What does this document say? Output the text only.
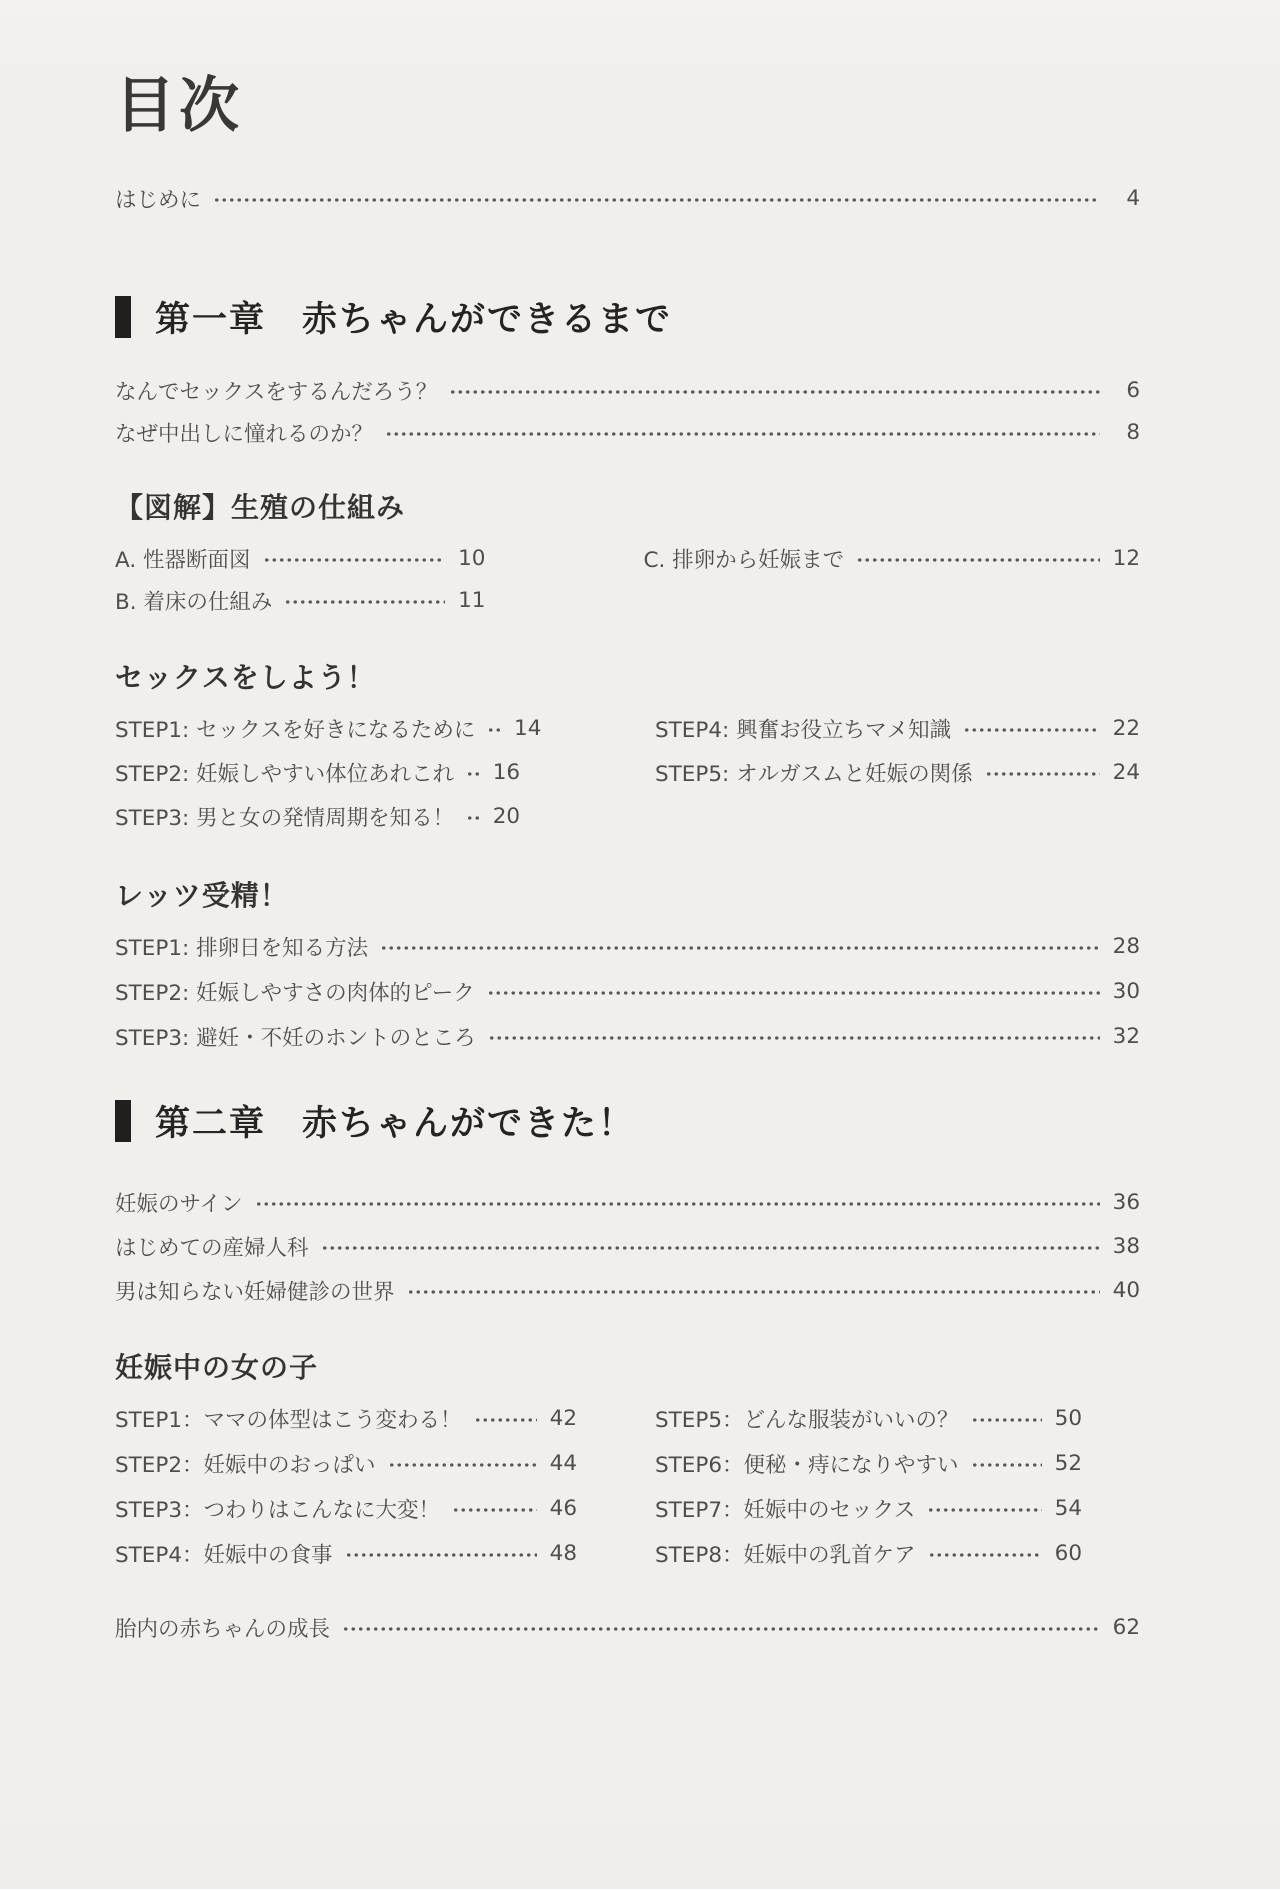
目次
はじめに	4
第一章 赤ちゃんができるまで
なんでセックスをするんだろう？	6
なぜ中出しに憧れるのか？	8
【図解】生殖の仕組み
A. 性器断面図	10
B. 着床の仕組み	11
C. 排卵から妊娠まで	12
セックスをしよう！
STEP1: セックスを好きになるために 14
STEP2: 妊娠しやすい体位あれこれ 16
STEP3: 男と女の発情周期を知る！ 20
STEP4: 興奮お役立ちマメ知識	22
STEP5: オルガスムと妊娠の関係	24
レッツ受精！
STEP1: 排卵日を知る方法	28
STEP2: 妊娠しやすさの肉体的ピーク	30
STEP3: 避妊・不妊のホントのところ	32
第二章 赤ちゃんができた！
妊娠のサイン	36
はじめての産婦人科	38
男は知らない妊婦健診の世界	40
妊娠中の女の子
STEP1：ママの体型はこう変わる！	42
STEP2：妊娠中のおっぱい	44
STEP3：つわりはこんなに大変！	46
STEP4：妊娠中の食事	48
STEP5：どんな服装がいいの？	50
STEP6：便秘・痔になりやすい	52
STEP7：妊娠中のセックス	54
STEP8：妊娠中の乳首ケア	60
胎内の赤ちゃんの成長	62
